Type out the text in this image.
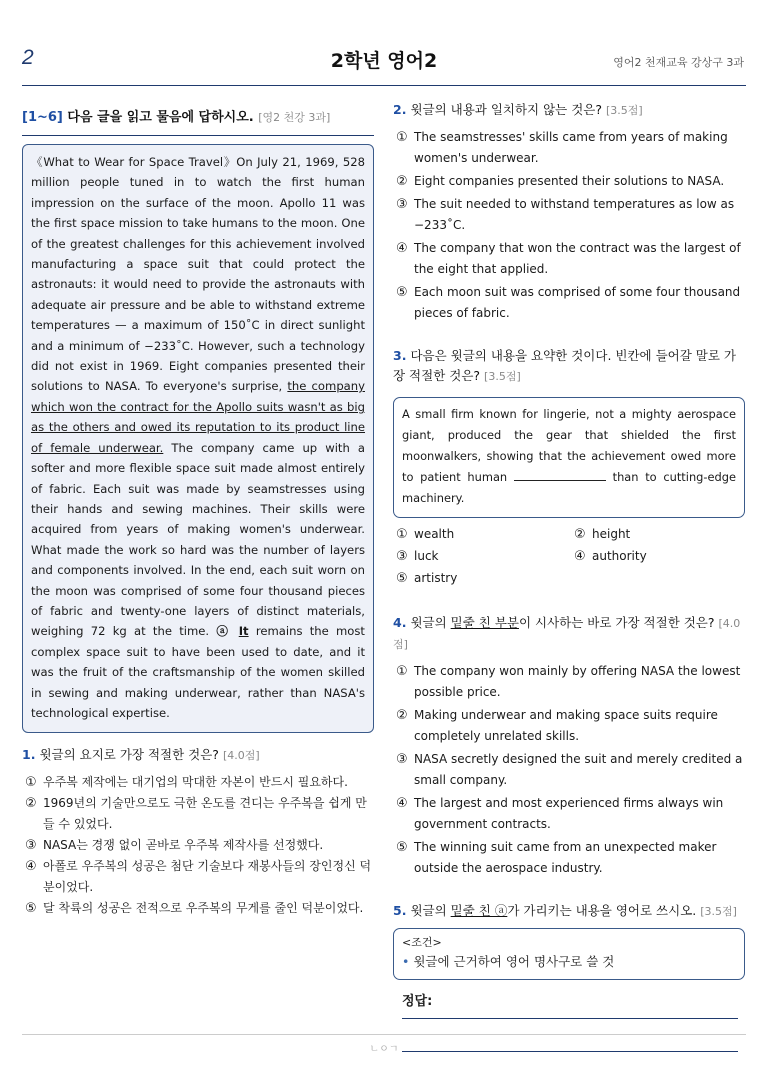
2	2학년 영어2	영어2 천재교육 강상구 3과
[1~6] 다음 글을 읽고 물음에 답하시오. [영2 천강 3과]
《What to Wear for Space Travel》On July 21, 1969, 528 million people tuned in to watch the first human impression on the surface of the moon. Apollo 11 was the first space mission to take humans to the moon. One of the greatest challenges for this achievement involved manufacturing a space suit that could protect the astronauts: it would need to provide the astronauts with adequate air pressure and be able to withstand extreme temperatures — a maximum of 150˚C in direct sunlight and a minimum of −233˚C. However, such a technology did not exist in 1969. Eight companies presented their solutions to NASA. To everyone's surprise, the company which won the contract for the Apollo suits wasn't as big as the others and owed its reputation to its product line of female underwear. The company came up with a softer and more flexible space suit made almost entirely of fabric. Each suit was made by seamstresses using their hands and sewing machines. Their skills were acquired from years of making women's underwear. What made the work so hard was the number of layers and components involved. In the end, each suit worn on the moon was comprised of some four thousand pieces of fabric and twenty-one layers of distinct materials, weighing 72 kg at the time. ⓐ It remains the most complex space suit to have been used to date, and it was the fruit of the craftsmanship of the women skilled in sewing and making underwear, rather than NASA's technological expertise.
1. 윗글의 요지로 가장 적절한 것은? [4.0점]
① 우주복 제작에는 대기업의 막대한 자본이 반드시 필요하다.
② 1969년의 기술만으로도 극한 온도를 견디는 우주복을 쉽게 만들 수 있었다.
③ NASA는 경쟁 없이 곧바로 우주복 제작사를 선정했다.
④ 아폴로 우주복의 성공은 첨단 기술보다 재봉사들의 장인정신 덕분이었다.
⑤ 달 착륙의 성공은 전적으로 우주복의 무게를 줄인 덕분이었다.
2. 윗글의 내용과 일치하지 않는 것은? [3.5점]
① The seamstresses' skills came from years of making women's underwear.
② Eight companies presented their solutions to NASA.
③ The suit needed to withstand temperatures as low as −233˚C.
④ The company that won the contract was the largest of the eight that applied.
⑤ Each moon suit was comprised of some four thousand pieces of fabric.
3. 다음은 윗글의 내용을 요약한 것이다. 빈칸에 들어갈 말로 가장 적절한 것은? [3.5점]
A small firm known for lingerie, not a mighty aerospace giant, produced the gear that shielded the first moonwalkers, showing that the achievement owed more to patient human	than to cutting-edge machinery.
① wealth	② height
③ luck	④ authority
⑤ artistry
4. 윗글의 밑줄 친 부분이 시사하는 바로 가장 적절한 것은? [4.0점]
① The company won mainly by offering NASA the lowest possible price.
② Making underwear and making space suits require completely unrelated skills.
③ NASA secretly designed the suit and merely credited a small company.
④ The largest and most experienced firms always win government contracts.
⑤ The winning suit came from an unexpected maker outside the aerospace industry.
5. 윗글의 밑줄 친 ⓐ가 가리키는 내용을 영어로 쓰시오. [3.5점]
<조건>
• 윗글에 근거하여 영어 명사구로 쓸 것
정답:
ㄴㅇㄱ
